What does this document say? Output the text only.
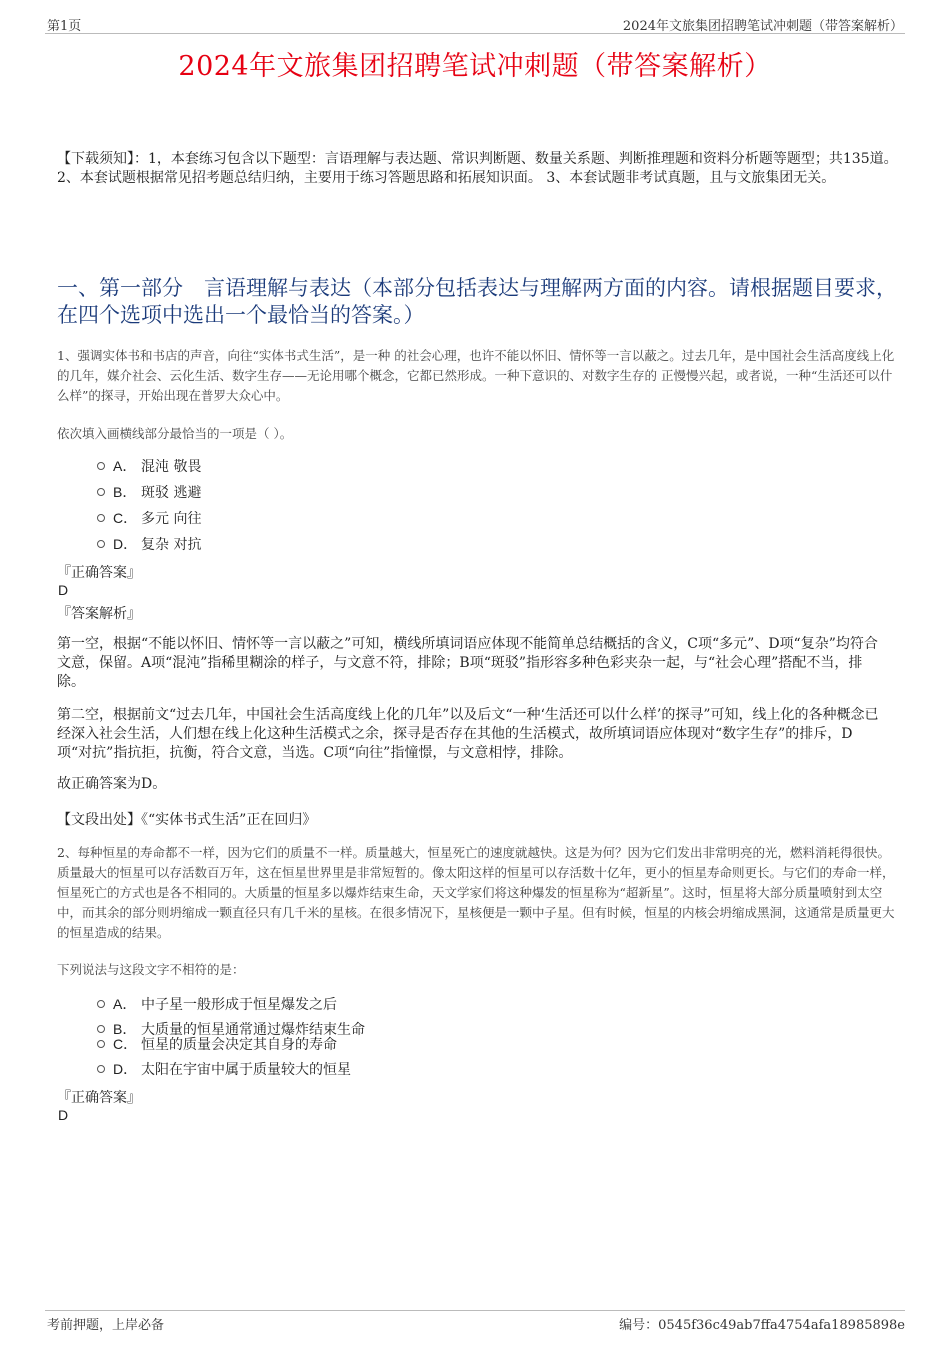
第1页	2024年文旅集团招聘笔试冲刺题（带答案解析）
2024年文旅集团招聘笔试冲刺题（带答案解析）
【下载须知】：1，本套练习包含以下题型：言语理解与表达题、常识判断题、数量关系题、判断推理题和资料分析题等题型；共135道。 2、本套试题根据常见招考题总结归纳，主要用于练习答题思路和拓展知识面。 3、本套试题非考试真题，且与文旅集团无关。
一、第一部分　言语理解与表达（本部分包括表达与理解两方面的内容。请根据题目要求，在四个选项中选出一个最恰当的答案。）
1、强调实体书和书店的声音，向往“实体书式生活”，是一种 的社会心理，也许不能以怀旧、情怀等一言以蔽之。过去几年，是中国社会生活高度线上化的几年，媒介社会、云化生活、数字生存——无论用哪个概念，它都已然形成。一种下意识的、对数字生存的 正慢慢兴起，或者说，一种“生活还可以什么样”的探寻，开始出现在普罗大众心中。
依次填入画横线部分最恰当的一项是（ ）。
A． 混沌 敬畏
B． 斑驳 逃避
C． 多元 向往
D． 复杂 对抗
『正确答案』
D
『答案解析』
第一空，根据“不能以怀旧、情怀等一言以蔽之”可知，横线所填词语应体现不能简单总结概括的含义，C项“多元”、D项“复杂”均符合文意，保留。A项“混沌”指稀里糊涂的样子，与文意不符，排除；B项“斑驳”指形容多种色彩夹杂一起，与“社会心理”搭配不当，排除。
第二空，根据前文“过去几年，中国社会生活高度线上化的几年”以及后文“一种‘生活还可以什么样’的探寻”可知，线上化的各种概念已经深入社会生活，人们想在线上化这种生活模式之余，探寻是否存在其他的生活模式，故所填词语应体现对“数字生存”的排斥，D项“对抗”指抗拒，抗衡，符合文意，当选。C项“向往”指憧憬，与文意相悖，排除。
故正确答案为D。
【文段出处】《“实体书式生活”正在回归》
2、每种恒星的寿命都不一样，因为它们的质量不一样。质量越大，恒星死亡的速度就越快。这是为何？因为它们发出非常明亮的光，燃料消耗得很快。质量最大的恒星可以存活数百万年，这在恒星世界里是非常短暂的。像太阳这样的恒星可以存活数十亿年，更小的恒星寿命则更长。与它们的寿命一样，恒星死亡的方式也是各不相同的。大质量的恒星多以爆炸结束生命，天文学家们将这种爆发的恒星称为“超新星”。这时，恒星将大部分质量喷射到太空中，而其余的部分则坍缩成一颗直径只有几千米的星核。在很多情况下，星核便是一颗中子星。但有时候，恒星的内核会坍缩成黑洞，这通常是质量更大的恒星造成的结果。
下列说法与这段文字不相符的是：
A． 中子星一般形成于恒星爆发之后
B． 大质量的恒星通常通过爆炸结束生命
C． 恒星的质量会决定其自身的寿命
D． 太阳在宇宙中属于质量较大的恒星
『正确答案』
D
考前押题，上岸必备	编号：0545f36c49ab7ffa4754afa18985898e
